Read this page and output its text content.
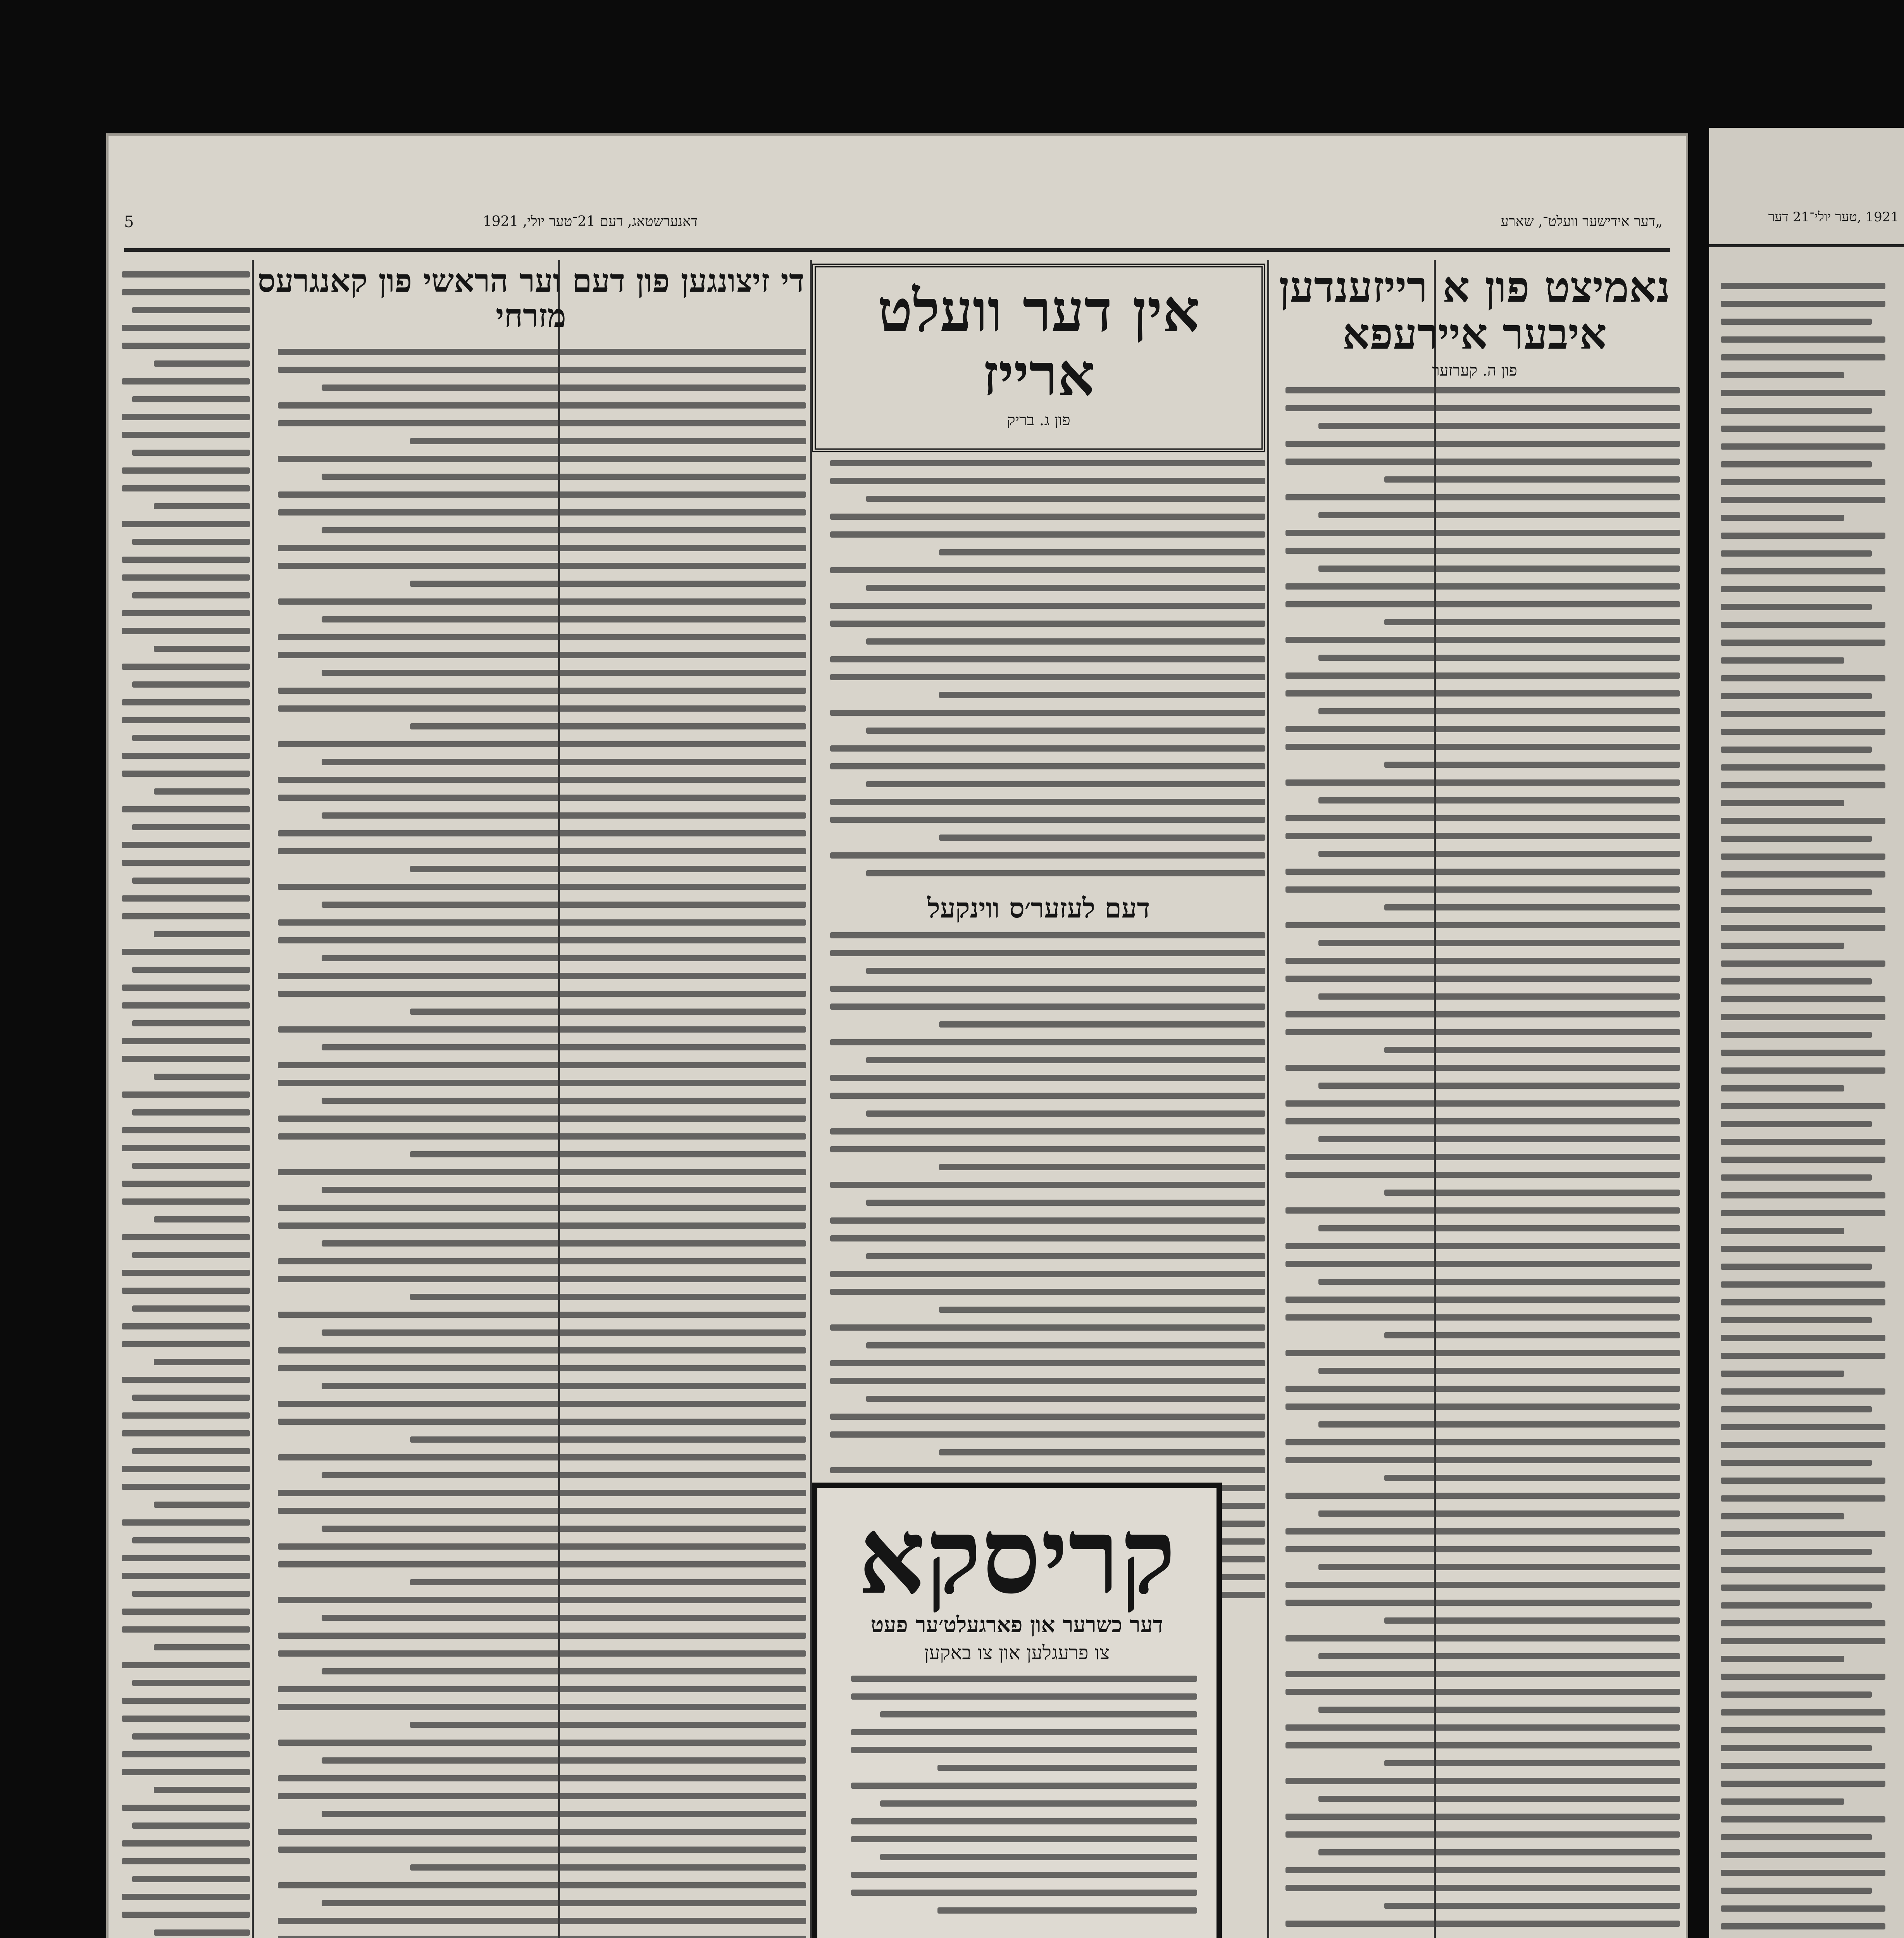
5	דאנערשטאג, דעם 21־טער יולי, 1921	„דער אידישער וועלט־, שארע
נאמיצט פון א רייזענדען איבער איירעפא
פון ה. קערזער
אין דער וועלט ארייז
פון ג. בריק
דעם לעזער׳ס ווינקעל
די זיצונגען פון דעם וער הראשי פון קאנגרעס מזרחי
קריסקא
דער כשרער און פארגעלט׳ער פעט
צו פרעגלען און צו באקען
1921 ,טער יולי־21 דער
